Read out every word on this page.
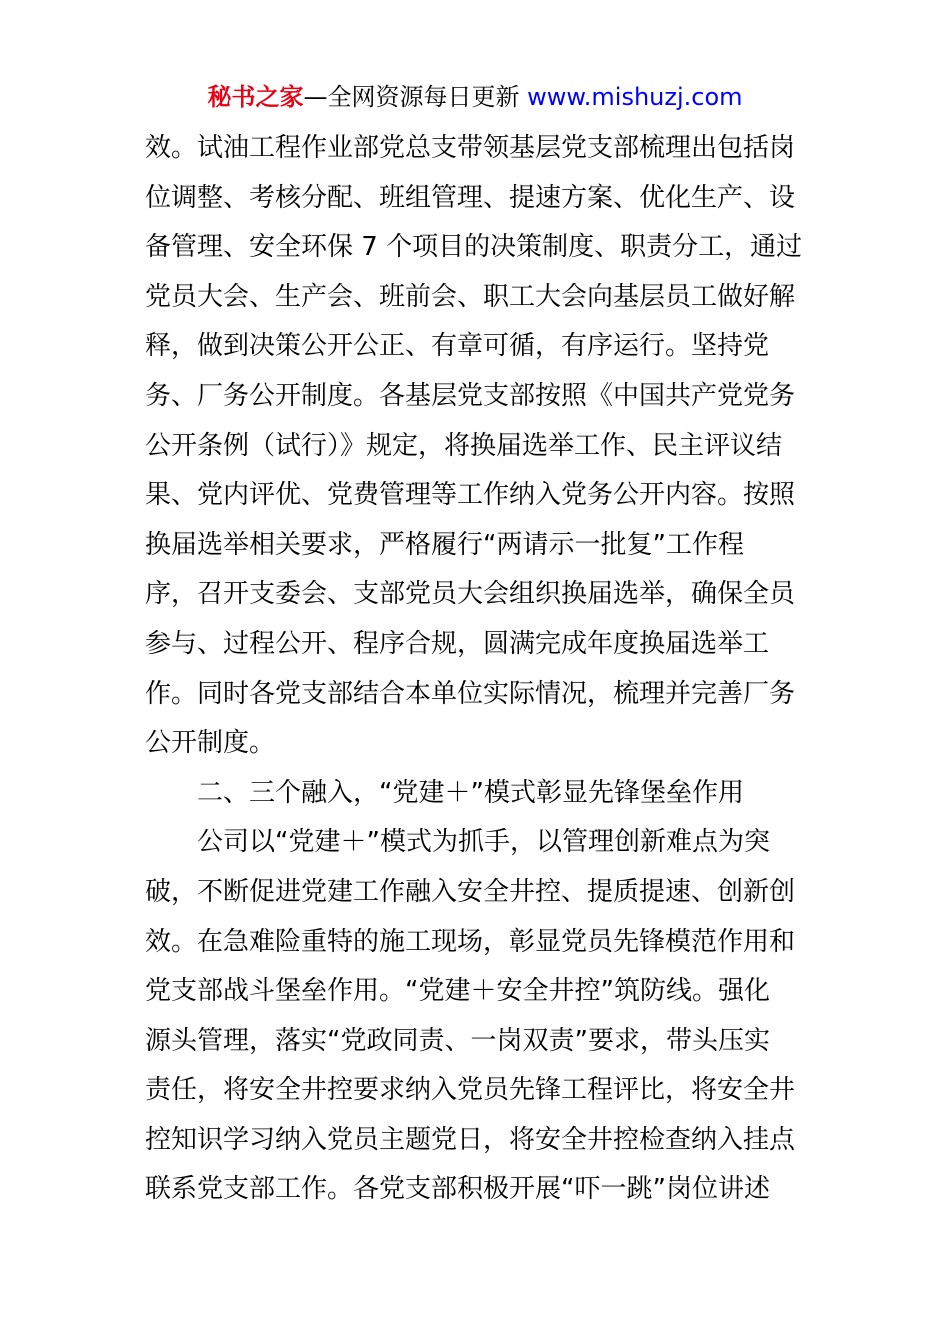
秘书之家—全网资源每日更新 www.mishuzj.com
效。试油工程作业部党总支带领基层党支部梳理出包括岗
位调整、考核分配、班组管理、提速方案、优化生产、设
备管理、安全环保 7 个项目的决策制度、职责分工，通过
党员大会、生产会、班前会、职工大会向基层员工做好解
释，做到决策公开公正、有章可循，有序运行。坚持党
务、厂务公开制度。各基层党支部按照《中国共产党党务
公开条例（试行）》规定，将换届选举工作、民主评议结
果、党内评优、党费管理等工作纳入党务公开内容。按照
换届选举相关要求，严格履行“两请示一批复”工作程
序，召开支委会、支部党员大会组织换届选举，确保全员
参与、过程公开、程序合规，圆满完成年度换届选举工
作。同时各党支部结合本单位实际情况，梳理并完善厂务
公开制度。
二、三个融入，“党建＋”模式彰显先锋堡垒作用
公司以“党建＋”模式为抓手，以管理创新难点为突
破，不断促进党建工作融入安全井控、提质提速、创新创
效。在急难险重特的施工现场，彰显党员先锋模范作用和
党支部战斗堡垒作用。“党建＋安全井控”筑防线。强化
源头管理，落实“党政同责、一岗双责”要求，带头压实
责任，将安全井控要求纳入党员先锋工程评比，将安全井
控知识学习纳入党员主题党日，将安全井控检查纳入挂点
联系党支部工作。各党支部积极开展“吓一跳”岗位讲述
